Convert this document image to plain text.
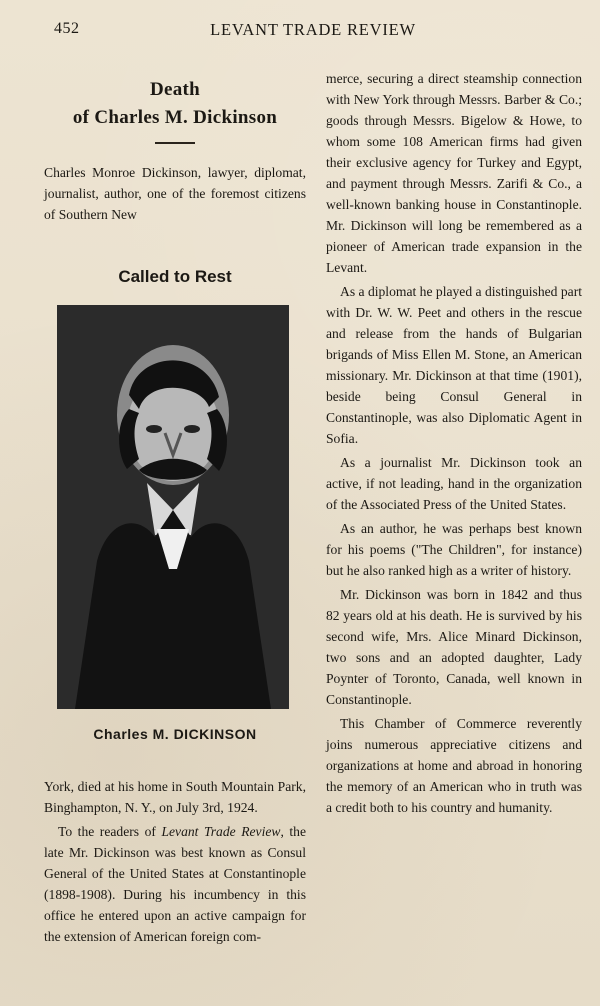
452	LEVANT TRADE REVIEW
Death
of Charles M. Dickinson

Charles Monroe Dickinson, lawyer, diplomat, journalist, author, one of the foremost citizens of Southern New

Called to Rest
Charles M. DICKINSON

York, died at his home in South Mountain Park, Binghampton, N. Y., on July 3rd, 1924.

To the readers of Levant Trade Review, the late Mr. Dickinson was best known as Consul General of the United States at Constantinople (1898-1908). During his incumbency in this office he entered upon an active campaign for the extension of American foreign com-

merce, securing a direct steamship connection with New York through Messrs. Barber & Co.; goods through Messrs. Bigelow & Howe, to whom some 108 American firms had given their exclusive agency for Turkey and Egypt, and payment through Messrs. Zarifi & Co., a well-known banking house in Constantinople. Mr. Dickinson will long be remembered as a pioneer of American trade expansion in the Levant.

As a diplomat he played a distinguished part with Dr. W. W. Peet and others in the rescue and release from the hands of Bulgarian brigands of Miss Ellen M. Stone, an American missionary. Mr. Dickinson at that time (1901), beside being Consul General in Constantinople, was also Diplomatic Agent in Sofia.

As a journalist Mr. Dickinson took an active, if not leading, hand in the organization of the Associated Press of the United States.

As an author, he was perhaps best known for his poems ("The Children", for instance) but he also ranked high as a writer of history.

Mr. Dickinson was born in 1842 and thus 82 years old at his death. He is survived by his second wife, Mrs. Alice Minard Dickinson, two sons and an adopted daughter, Lady Poynter of Toronto, Canada, well known in Constantinople.

This Chamber of Commerce reverently joins numerous appreciative citizens and organizations at home and abroad in honoring the memory of an American who in truth was a credit both to his country and humanity.
